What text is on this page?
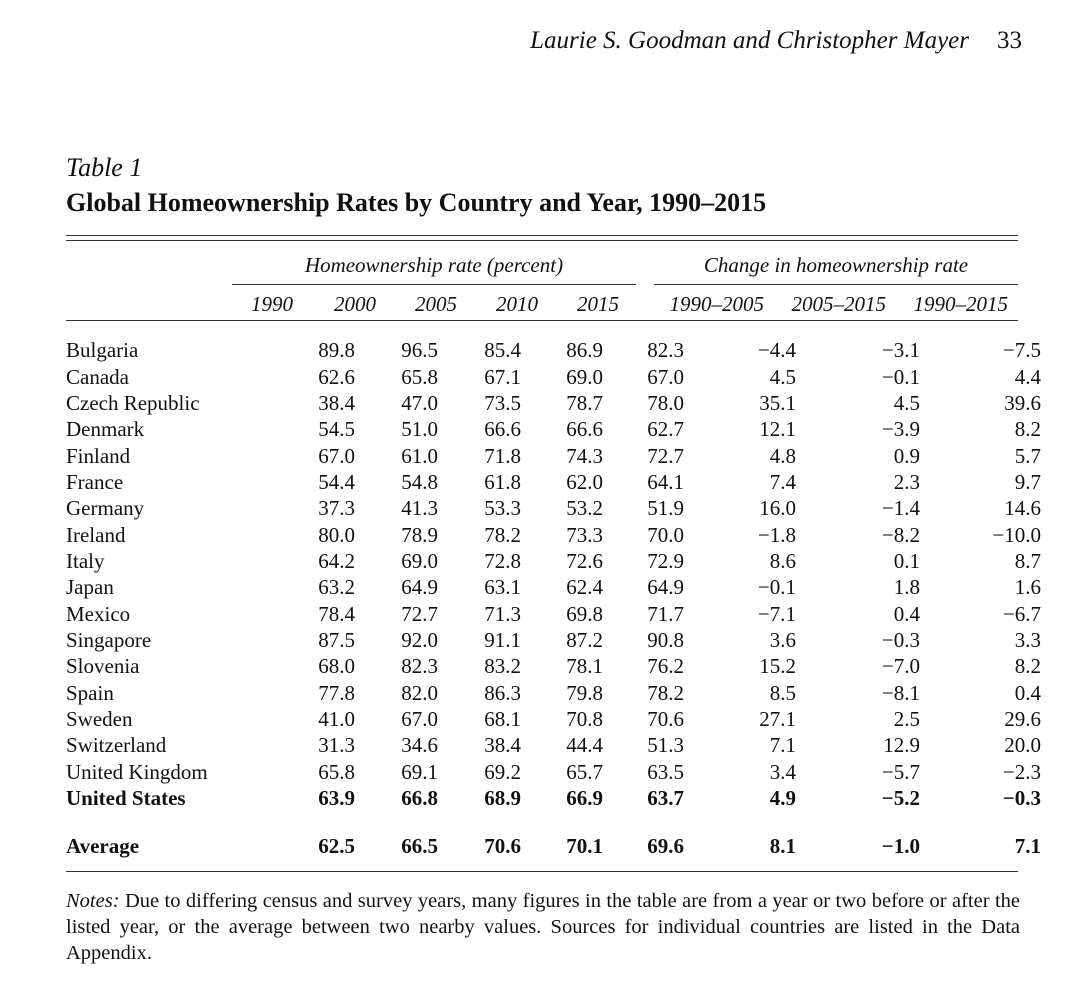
Laurie S. Goodman and Christopher Mayer 33
Table 1
Global Homeownership Rates by Country and Year, 1990–2015
Homeownership rate (percent)	Change in homeownership rate
1990	2000	2005	2010	2015	1990–2005	2005–2015	1990–2015
Bulgaria	89.8	96.5	85.4	86.9	82.3	−4.4	−3.1	−7.5
Canada	62.6	65.8	67.1	69.0	67.0	4.5	−0.1	4.4
Czech Republic	38.4	47.0	73.5	78.7	78.0	35.1	4.5	39.6
Denmark	54.5	51.0	66.6	66.6	62.7	12.1	−3.9	8.2
Finland	67.0	61.0	71.8	74.3	72.7	4.8	0.9	5.7
France	54.4	54.8	61.8	62.0	64.1	7.4	2.3	9.7
Germany	37.3	41.3	53.3	53.2	51.9	16.0	−1.4	14.6
Ireland	80.0	78.9	78.2	73.3	70.0	−1.8	−8.2	−10.0
Italy	64.2	69.0	72.8	72.6	72.9	8.6	0.1	8.7
Japan	63.2	64.9	63.1	62.4	64.9	−0.1	1.8	1.6
Mexico	78.4	72.7	71.3	69.8	71.7	−7.1	0.4	−6.7
Singapore	87.5	92.0	91.1	87.2	90.8	3.6	−0.3	3.3
Slovenia	68.0	82.3	83.2	78.1	76.2	15.2	−7.0	8.2
Spain	77.8	82.0	86.3	79.8	78.2	8.5	−8.1	0.4
Sweden	41.0	67.0	68.1	70.8	70.6	27.1	2.5	29.6
Switzerland	31.3	34.6	38.4	44.4	51.3	7.1	12.9	20.0
United Kingdom	65.8	69.1	69.2	65.7	63.5	3.4	−5.7	−2.3
United States	63.9	66.8	68.9	66.9	63.7	4.9	−5.2	−0.3

Average	62.5	66.5	70.6	70.1	69.6	8.1	−1.0	7.1
Notes: Due to differing census and survey years, many figures in the table are from a year or two before or after the listed year, or the average between two nearby values. Sources for individual countries are listed in the Data Appendix.
